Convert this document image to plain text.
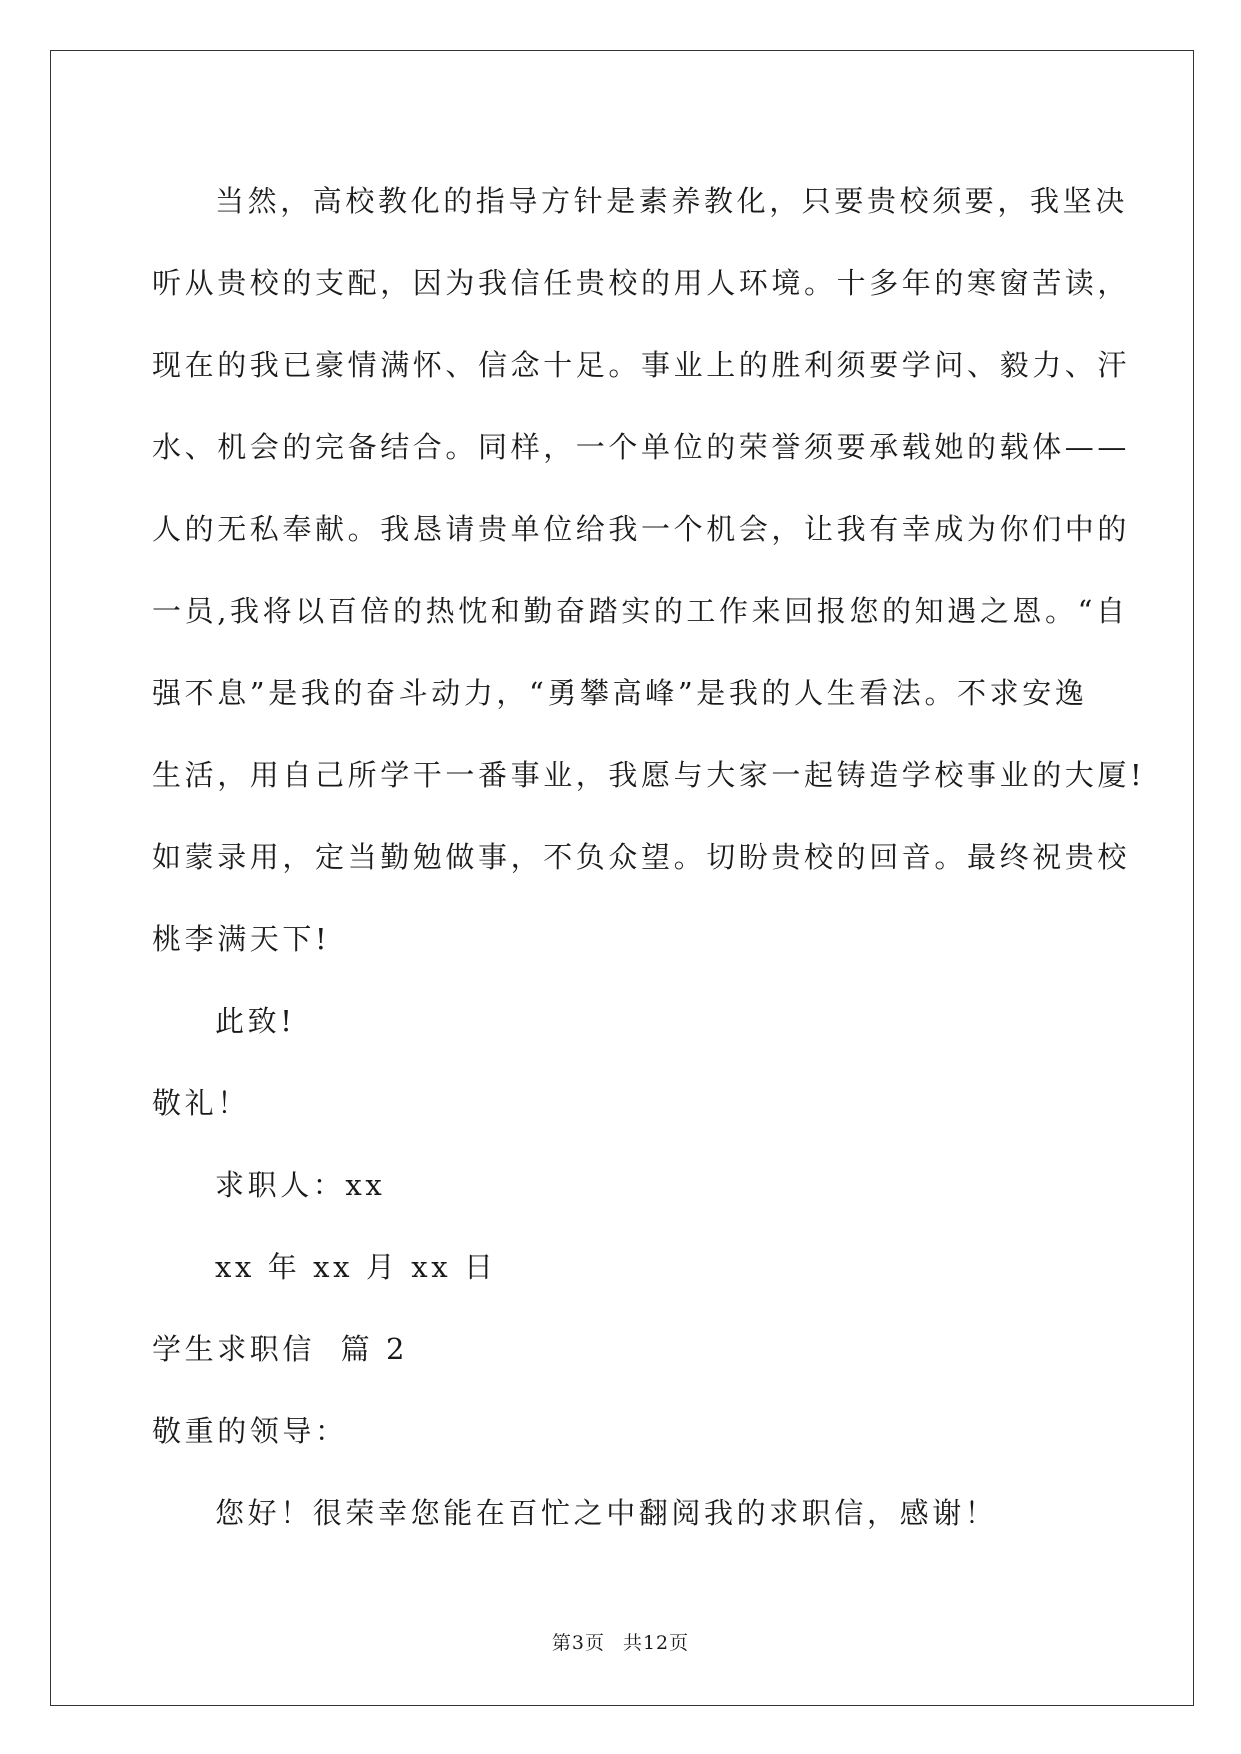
当然，高校教化的指导方针是素养教化，只要贵校须要，我坚决
听从贵校的支配，因为我信任贵校的用人环境。十多年的寒窗苦读，
现在的我已豪情满怀、信念十足。事业上的胜利须要学问、毅力、汗
水、机会的完备结合。同样，一个单位的荣誉须要承载她的载体——
人的无私奉献。我恳请贵单位给我一个机会，让我有幸成为你们中的
一员,我将以百倍的热忱和勤奋踏实的工作来回报您的知遇之恩。“自
强不息”是我的奋斗动力，“勇攀高峰”是我的人生看法。不求安逸
生活，用自己所学干一番事业，我愿与大家一起铸造学校事业的大厦!
如蒙录用，定当勤勉做事，不负众望。切盼贵校的回音。最终祝贵校
桃李满天下!
此致!
敬礼！
求职人：xx
xx 年 xx 月 xx 日
学生求职信  篇 2
敬重的领导：
您好！很荣幸您能在百忙之中翻阅我的求职信，感谢！
第3页 共12页
